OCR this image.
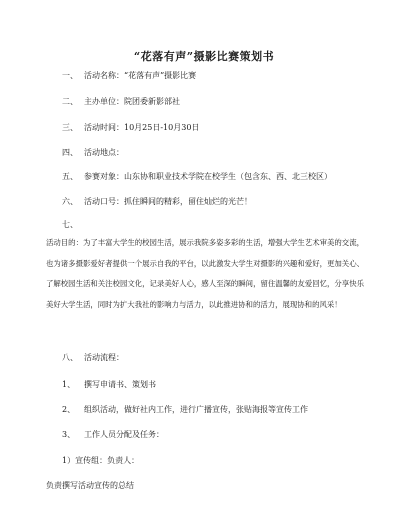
“花落有声”摄影比赛策划书
一、 活动名称：“花落有声”摄影比赛
二、 主办单位：院团委新影部社
三、 活动时间：10月25日-10月30日
四、 活动地点：
五、 参赛对象：山东协和职业技术学院在校学生（包含东、西、北三校区）
六、 活动口号：抓住瞬间的精彩，留住灿烂的光芒！
七、
活动目的：为了丰富大学生的校园生活，展示我院多姿多彩的生活，增强大学生艺术审美的交流，也为诸多摄影爱好者提供一个展示自我的平台，以此激发大学生对摄影的兴趣和爱好，更加关心、了解校园生活和关注校园文化，记录美好人心，感人至深的瞬间，留住温馨的友爱回忆，分享快乐美好大学生活，同时为扩大我社的影响力与活力，以此推进协和的活力，展现协和的风采！
八、 活动流程：
1、 撰写申请书、策划书
2、 组织活动，做好社内工作，进行广播宣传，张贴海报等宣传工作
3、 工作人员分配及任务：
1）宣传组：负责人：
负责撰写活动宣传的总结
